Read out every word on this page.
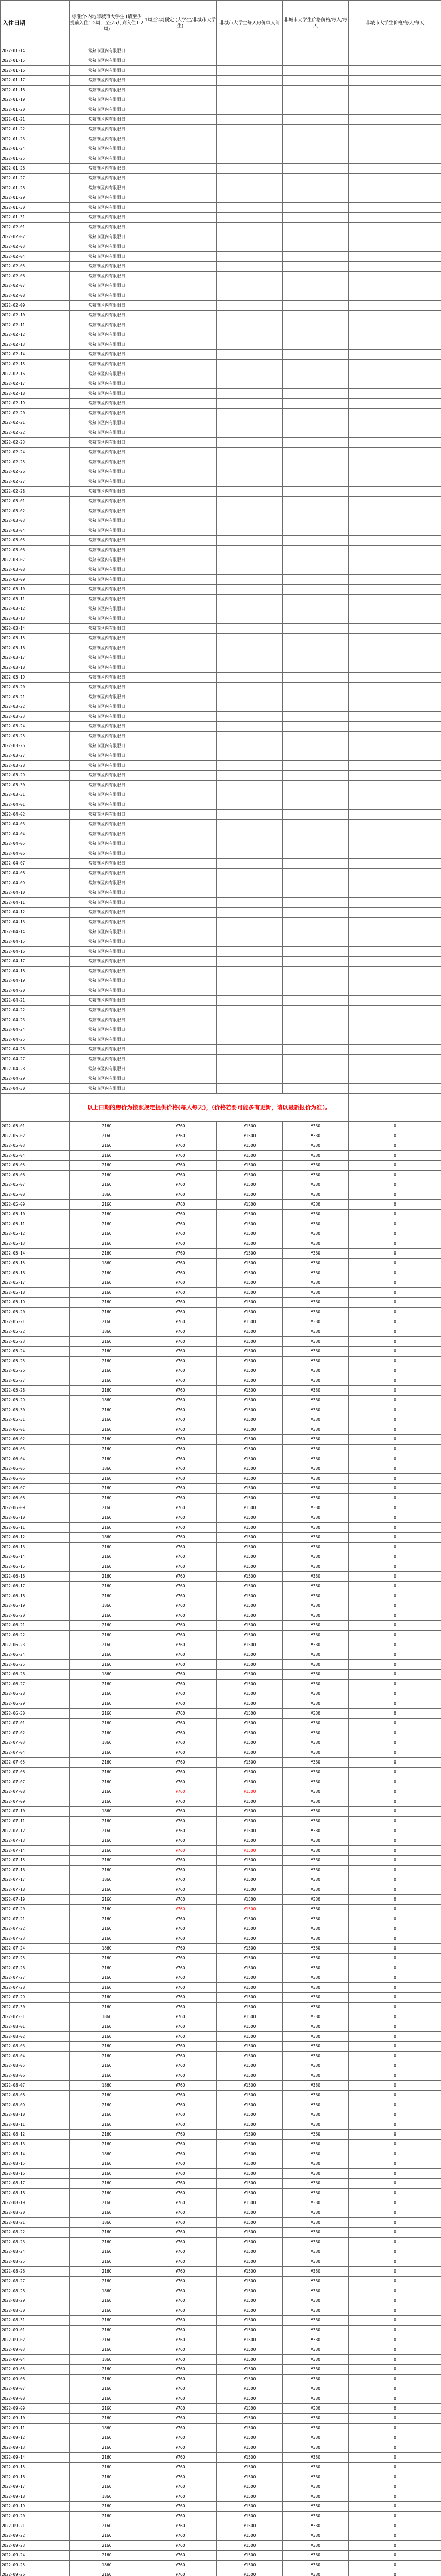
入住日期	标准价-内地非城市大学生 (请至少提前入住1-2周，至少5月到入住1-2周)	1周至2周预定 (大学生/非城市大学生)	非城市大学生每天房价单人间	非城市大学生价格价格/每人/每天	非城市大学生价格/每人/每天
2022-01-14	常熟市区内有限限日				
2022-01-15	常熟市区内有限限日				
2022-01-16	常熟市区内有限限日				
2022-01-17	常熟市区内有限限日				
2022-01-18	常熟市区内有限限日				
2022-01-19	常熟市区内有限限日				
2022-01-20	常熟市区内有限限日				
2022-01-21	常熟市区内有限限日				
2022-01-22	常熟市区内有限限日				
2022-01-23	常熟市区内有限限日				
2022-01-24	常熟市区内有限限日				
2022-01-25	常熟市区内有限限日				
2022-01-26	常熟市区内有限限日				
2022-01-27	常熟市区内有限限日				
2022-01-28	常熟市区内有限限日				
2022-01-29	常熟市区内有限限日				
2022-01-30	常熟市区内有限限日				
2022-01-31	常熟市区内有限限日				
2022-02-01	常熟市区内有限限日				
2022-02-02	常熟市区内有限限日				
2022-02-03	常熟市区内有限限日				
2022-02-04	常熟市区内有限限日				
2022-02-05	常熟市区内有限限日				
2022-02-06	常熟市区内有限限日				
2022-02-07	常熟市区内有限限日				
2022-02-08	常熟市区内有限限日				
2022-02-09	常熟市区内有限限日				
2022-02-10	常熟市区内有限限日				
2022-02-11	常熟市区内有限限日				
2022-02-12	常熟市区内有限限日				
2022-02-13	常熟市区内有限限日				
2022-02-14	常熟市区内有限限日				
2022-02-15	常熟市区内有限限日				
2022-02-16	常熟市区内有限限日				
2022-02-17	常熟市区内有限限日				
2022-02-18	常熟市区内有限限日				
2022-02-19	常熟市区内有限限日				
2022-02-20	常熟市区内有限限日				
2022-02-21	常熟市区内有限限日				
2022-02-22	常熟市区内有限限日				
2022-02-23	常熟市区内有限限日				
2022-02-24	常熟市区内有限限日				
2022-02-25	常熟市区内有限限日				
2022-02-26	常熟市区内有限限日				
2022-02-27	常熟市区内有限限日				
2022-02-28	常熟市区内有限限日				
2022-03-01	常熟市区内有限限日				
2022-03-02	常熟市区内有限限日				
2022-03-03	常熟市区内有限限日				
2022-03-04	常熟市区内有限限日				
2022-03-05	常熟市区内有限限日				
2022-03-06	常熟市区内有限限日				
2022-03-07	常熟市区内有限限日				
2022-03-08	常熟市区内有限限日				
2022-03-09	常熟市区内有限限日				
2022-03-10	常熟市区内有限限日				
2022-03-11	常熟市区内有限限日				
2022-03-12	常熟市区内有限限日				
2022-03-13	常熟市区内有限限日				
2022-03-14	常熟市区内有限限日				
2022-03-15	常熟市区内有限限日				
2022-03-16	常熟市区内有限限日				
2022-03-17	常熟市区内有限限日				
2022-03-18	常熟市区内有限限日				
2022-03-19	常熟市区内有限限日				
2022-03-20	常熟市区内有限限日				
2022-03-21	常熟市区内有限限日				
2022-03-22	常熟市区内有限限日				
2022-03-23	常熟市区内有限限日				
2022-03-24	常熟市区内有限限日				
2022-03-25	常熟市区内有限限日				
2022-03-26	常熟市区内有限限日				
2022-03-27	常熟市区内有限限日				
2022-03-28	常熟市区内有限限日				
2022-03-29	常熟市区内有限限日				
2022-03-30	常熟市区内有限限日				
2022-03-31	常熟市区内有限限日				
2022-04-01	常熟市区内有限限日				
2022-04-02	常熟市区内有限限日				
2022-04-03	常熟市区内有限限日				
2022-04-04	常熟市区内有限限日				
2022-04-05	常熟市区内有限限日				
2022-04-06	常熟市区内有限限日				
2022-04-07	常熟市区内有限限日				
2022-04-08	常熟市区内有限限日				
2022-04-09	常熟市区内有限限日				
2022-04-10	常熟市区内有限限日				
2022-04-11	常熟市区内有限限日				
2022-04-12	常熟市区内有限限日				
2022-04-13	常熟市区内有限限日				
2022-04-14	常熟市区内有限限日				
2022-04-15	常熟市区内有限限日				
2022-04-16	常熟市区内有限限日				
2022-04-17	常熟市区内有限限日				
2022-04-18	常熟市区内有限限日				
2022-04-19	常熟市区内有限限日				
2022-04-20	常熟市区内有限限日				
2022-04-21	常熟市区内有限限日				
2022-04-22	常熟市区内有限限日				
2022-04-23	常熟市区内有限限日				
2022-04-24	常熟市区内有限限日				
2022-04-25	常熟市区内有限限日				
2022-04-26	常熟市区内有限限日				
2022-04-27	常熟市区内有限限日				
2022-04-28	常熟市区内有限限日				
2022-04-29	常熟市区内有限限日				
2022-04-30	常熟市区内有限限日				
	以上日期的房价为按照规定提供价格(每人每天)，（价格若要可能多有更新，请以最新报价为准）。				
2022-05-01	2160	¥760	¥1500	¥330	0
2022-05-02	2160	¥760	¥1500	¥330	0
2022-05-03	2160	¥760	¥1500	¥330	0
2022-05-04	2160	¥760	¥1500	¥330	0
2022-05-05	2160	¥760	¥1500	¥330	0
2022-05-06	2160	¥760	¥1500	¥330	0
2022-05-07	2160	¥760	¥1500	¥330	0
2022-05-08	1860	¥760	¥1500	¥330	0
2022-05-09	2160	¥760	¥1500	¥330	0
2022-05-10	2160	¥760	¥1500	¥330	0
2022-05-11	2160	¥760	¥1500	¥330	0
2022-05-12	2160	¥760	¥1500	¥330	0
2022-05-13	2160	¥760	¥1500	¥330	0
2022-05-14	2160	¥760	¥1500	¥330	0
2022-05-15	1860	¥760	¥1500	¥330	0
2022-05-16	2160	¥760	¥1500	¥330	0
2022-05-17	2160	¥760	¥1500	¥330	0
2022-05-18	2160	¥760	¥1500	¥330	0
2022-05-19	2160	¥760	¥1500	¥330	0
2022-05-20	2160	¥760	¥1500	¥330	0
2022-05-21	2160	¥760	¥1500	¥330	0
2022-05-22	1860	¥760	¥1500	¥330	0
2022-05-23	2160	¥760	¥1500	¥330	0
2022-05-24	2160	¥760	¥1500	¥330	0
2022-05-25	2160	¥760	¥1500	¥330	0
2022-05-26	2160	¥760	¥1500	¥330	0
2022-05-27	2160	¥760	¥1500	¥330	0
2022-05-28	2160	¥760	¥1500	¥330	0
2022-05-29	1860	¥760	¥1500	¥330	0
2022-05-30	2160	¥760	¥1500	¥330	0
2022-05-31	2160	¥760	¥1500	¥330	0
2022-06-01	2160	¥760	¥1500	¥330	0
2022-06-02	2160	¥760	¥1500	¥330	0
2022-06-03	2160	¥760	¥1500	¥330	0
2022-06-04	2160	¥760	¥1500	¥330	0
2022-06-05	1860	¥760	¥1500	¥330	0
2022-06-06	2160	¥760	¥1500	¥330	0
2022-06-07	2160	¥760	¥1500	¥330	0
2022-06-08	2160	¥760	¥1500	¥330	0
2022-06-09	2160	¥760	¥1500	¥330	0
2022-06-10	2160	¥760	¥1500	¥330	0
2022-06-11	2160	¥760	¥1500	¥330	0
2022-06-12	1860	¥760	¥1500	¥330	0
2022-06-13	2160	¥760	¥1500	¥330	0
2022-06-14	2160	¥760	¥1500	¥330	0
2022-06-15	2160	¥760	¥1500	¥330	0
2022-06-16	2160	¥760	¥1500	¥330	0
2022-06-17	2160	¥760	¥1500	¥330	0
2022-06-18	2160	¥760	¥1500	¥330	0
2022-06-19	1860	¥760	¥1500	¥330	0
2022-06-20	2160	¥760	¥1500	¥330	0
2022-06-21	2160	¥760	¥1500	¥330	0
2022-06-22	2160	¥760	¥1500	¥330	0
2022-06-23	2160	¥760	¥1500	¥330	0
2022-06-24	2160	¥760	¥1500	¥330	0
2022-06-25	2160	¥760	¥1500	¥330	0
2022-06-26	1860	¥760	¥1500	¥330	0
2022-06-27	2160	¥760	¥1500	¥330	0
2022-06-28	2160	¥760	¥1500	¥330	0
2022-06-29	2160	¥760	¥1500	¥330	0
2022-06-30	2160	¥760	¥1500	¥330	0
2022-07-01	2160	¥760	¥1500	¥330	0
2022-07-02	2160	¥760	¥1500	¥330	0
2022-07-03	1860	¥760	¥1500	¥330	0
2022-07-04	2160	¥760	¥1500	¥330	0
2022-07-05	2160	¥760	¥1500	¥330	0
2022-07-06	2160	¥760	¥1500	¥330	0
2022-07-07	2160	¥760	¥1500	¥330	0
2022-07-08	2160	¥760	¥1500	¥330	0
2022-07-09	2160	¥760	¥1500	¥330	0
2022-07-10	1860	¥760	¥1500	¥330	0
2022-07-11	2160	¥760	¥1500	¥330	0
2022-07-12	2160	¥760	¥1500	¥330	0
2022-07-13	2160	¥760	¥1500	¥330	0
2022-07-14	2160	¥760	¥1500	¥330	0
2022-07-15	2160	¥760	¥1500	¥330	0
2022-07-16	2160	¥760	¥1500	¥330	0
2022-07-17	1860	¥760	¥1500	¥330	0
2022-07-18	2160	¥760	¥1500	¥330	0
2022-07-19	2160	¥760	¥1500	¥330	0
2022-07-20	2160	¥760	¥1500	¥330	0
2022-07-21	2160	¥760	¥1500	¥330	0
2022-07-22	2160	¥760	¥1500	¥330	0
2022-07-23	2160	¥760	¥1500	¥330	0
2022-07-24	1860	¥760	¥1500	¥330	0
2022-07-25	2160	¥760	¥1500	¥330	0
2022-07-26	2160	¥760	¥1500	¥330	0
2022-07-27	2160	¥760	¥1500	¥330	0
2022-07-28	2160	¥760	¥1500	¥330	0
2022-07-29	2160	¥760	¥1500	¥330	0
2022-07-30	2160	¥760	¥1500	¥330	0
2022-07-31	1860	¥760	¥1500	¥330	0
2022-08-01	2160	¥760	¥1500	¥330	0
2022-08-02	2160	¥760	¥1500	¥330	0
2022-08-03	2160	¥760	¥1500	¥330	0
2022-08-04	2160	¥760	¥1500	¥330	0
2022-08-05	2160	¥760	¥1500	¥330	0
2022-08-06	2160	¥760	¥1500	¥330	0
2022-08-07	1860	¥760	¥1500	¥330	0
2022-08-08	2160	¥760	¥1500	¥330	0
2022-08-09	2160	¥760	¥1500	¥330	0
2022-08-10	2160	¥760	¥1500	¥330	0
2022-08-11	2160	¥760	¥1500	¥330	0
2022-08-12	2160	¥760	¥1500	¥330	0
2022-08-13	2160	¥760	¥1500	¥330	0
2022-08-14	1860	¥760	¥1500	¥330	0
2022-08-15	2160	¥760	¥1500	¥330	0
2022-08-16	2160	¥760	¥1500	¥330	0
2022-08-17	2160	¥760	¥1500	¥330	0
2022-08-18	2160	¥760	¥1500	¥330	0
2022-08-19	2160	¥760	¥1500	¥330	0
2022-08-20	2160	¥760	¥1500	¥330	0
2022-08-21	1860	¥760	¥1500	¥330	0
2022-08-22	2160	¥760	¥1500	¥330	0
2022-08-23	2160	¥760	¥1500	¥330	0
2022-08-24	2160	¥760	¥1500	¥330	0
2022-08-25	2160	¥760	¥1500	¥330	0
2022-08-26	2160	¥760	¥1500	¥330	0
2022-08-27	2160	¥760	¥1500	¥330	0
2022-08-28	1860	¥760	¥1500	¥330	0
2022-08-29	2160	¥760	¥1500	¥330	0
2022-08-30	2160	¥760	¥1500	¥330	0
2022-08-31	2160	¥760	¥1500	¥330	0
2022-09-01	2160	¥760	¥1500	¥330	0
2022-09-02	2160	¥760	¥1500	¥330	0
2022-09-03	2160	¥760	¥1500	¥330	0
2022-09-04	1860	¥760	¥1500	¥330	0
2022-09-05	2160	¥760	¥1500	¥330	0
2022-09-06	2160	¥760	¥1500	¥330	0
2022-09-07	2160	¥760	¥1500	¥330	0
2022-09-08	2160	¥760	¥1500	¥330	0
2022-09-09	2160	¥760	¥1500	¥330	0
2022-09-10	2160	¥760	¥1500	¥330	0
2022-09-11	1860	¥760	¥1500	¥330	0
2022-09-12	2160	¥760	¥1500	¥330	0
2022-09-13	2160	¥760	¥1500	¥330	0
2022-09-14	2160	¥760	¥1500	¥330	0
2022-09-15	2160	¥760	¥1500	¥330	0
2022-09-16	2160	¥760	¥1500	¥330	0
2022-09-17	2160	¥760	¥1500	¥330	0
2022-09-18	1860	¥760	¥1500	¥330	0
2022-09-19	2160	¥760	¥1500	¥330	0
2022-09-20	2160	¥760	¥1500	¥330	0
2022-09-21	2160	¥760	¥1500	¥330	0
2022-09-22	2160	¥760	¥1500	¥330	0
2022-09-23	2160	¥760	¥1500	¥330	0
2022-09-24	2160	¥760	¥1500	¥330	0
2022-09-25	1860	¥760	¥1500	¥330	0
2022-09-26	2160	¥760	¥1500	¥330	0
